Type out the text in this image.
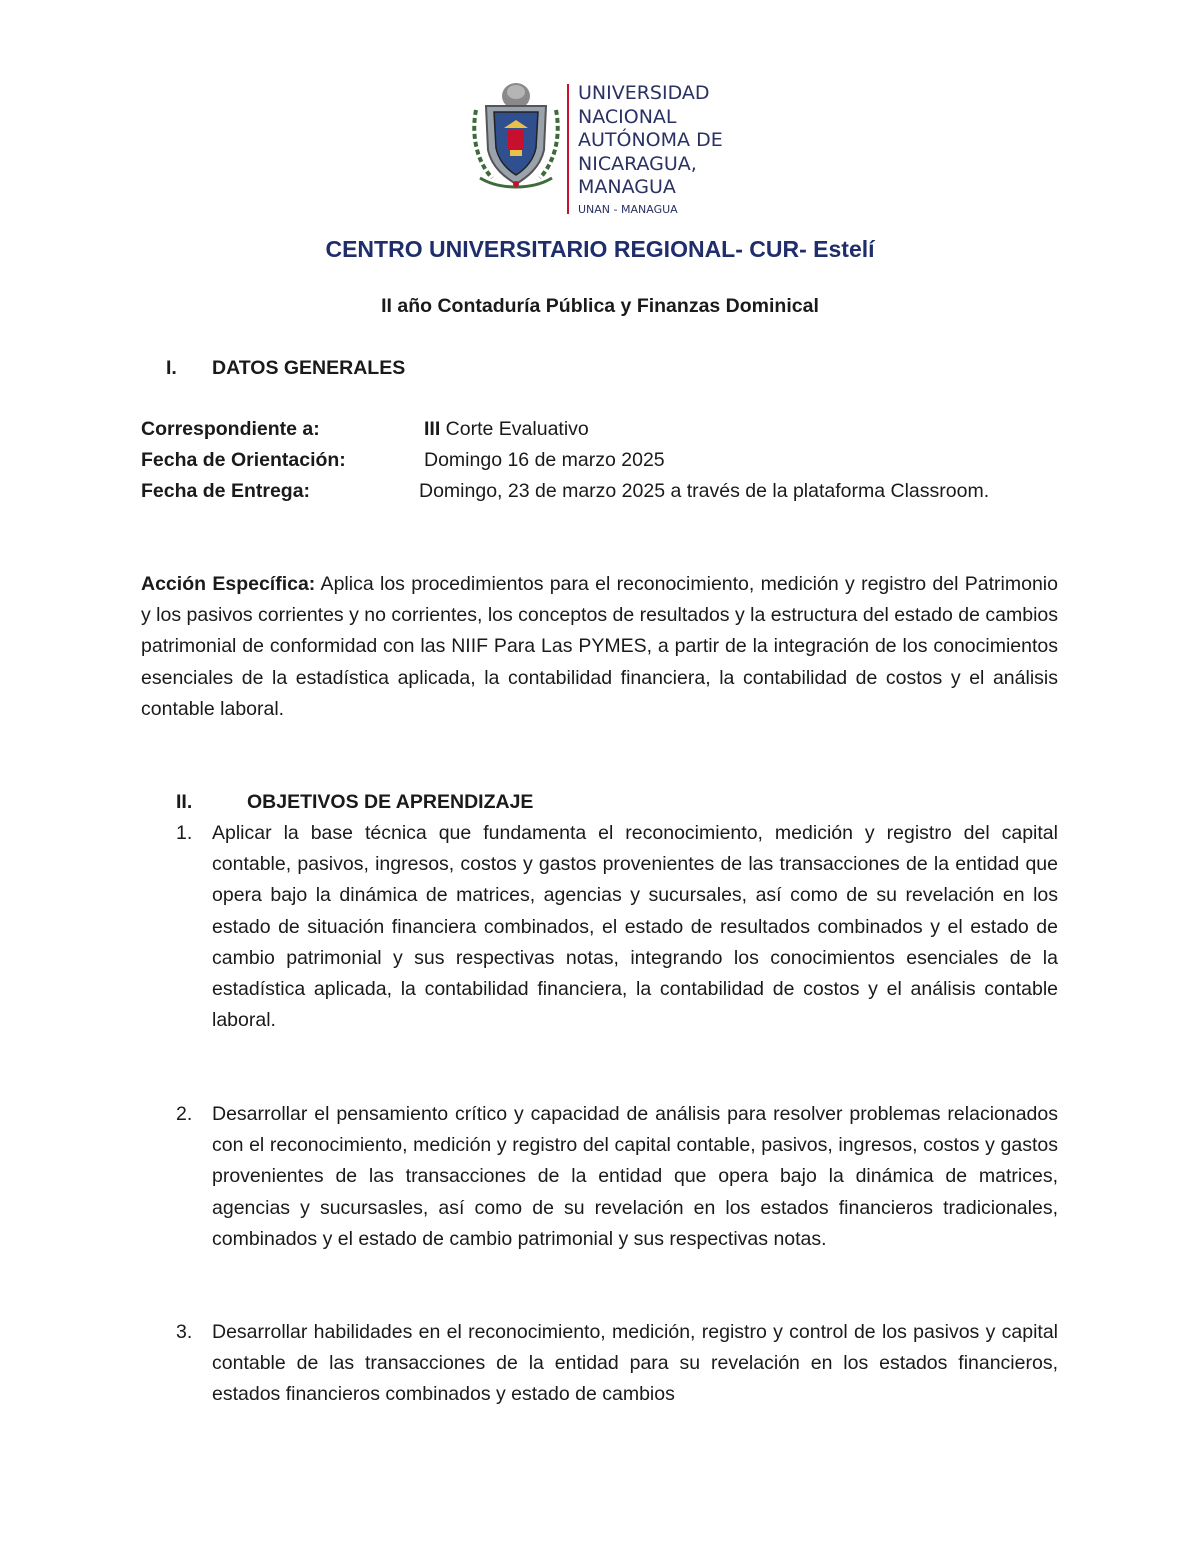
UNIVERSIDAD
NACIONAL
AUTÓNOMA DE
NICARAGUA,
MANAGUA
UNAN - MANAGUA
CENTRO UNIVERSITARIO REGIONAL- CUR- Estelí
II año Contaduría Pública y Finanzas Dominical
I. DATOS GENERALES
Correspondiente a:	III Corte Evaluativo
Fecha de Orientación:	Domingo 16 de marzo 2025
Fecha de Entrega:	Domingo, 23 de marzo 2025 a través de la plataforma Classroom.

Acción Específica: Aplica los procedimientos para el reconocimiento, medición y registro del Patrimonio y los pasivos corrientes y no corrientes, los conceptos de resultados y la estructura del estado de cambios patrimonial de conformidad con las NIIF Para Las PYMES, a partir de la integración de los conocimientos esenciales de la estadística aplicada, la contabilidad financiera, la contabilidad de costos y el análisis contable laboral.

II.	OBJETIVOS DE APRENDIZAJE
1. Aplicar la base técnica que fundamenta el reconocimiento, medición y registro del capital contable, pasivos, ingresos, costos y gastos provenientes de las transacciones de la entidad que opera bajo la dinámica de matrices, agencias y sucursales, así como de su revelación en los estado de situación financiera combinados, el estado de resultados combinados y el estado de cambio patrimonial y sus respectivas notas, integrando los conocimientos esenciales de la estadística aplicada, la contabilidad financiera, la contabilidad de costos y el análisis contable laboral.

2. Desarrollar el pensamiento crítico y capacidad de análisis para resolver problemas relacionados con el reconocimiento, medición y registro del capital contable, pasivos, ingresos, costos y gastos provenientes de las transacciones de la entidad que opera bajo la dinámica de matrices, agencias y sucursasles, así como de su revelación en los estados financieros tradicionales, combinados y el estado de cambio patrimonial y sus respectivas notas.

3. Desarrollar habilidades en el reconocimiento, medición, registro y control de los pasivos y capital contable de las transacciones de la entidad para su revelación en los estados financieros, estados financieros combinados y estado de cambios
